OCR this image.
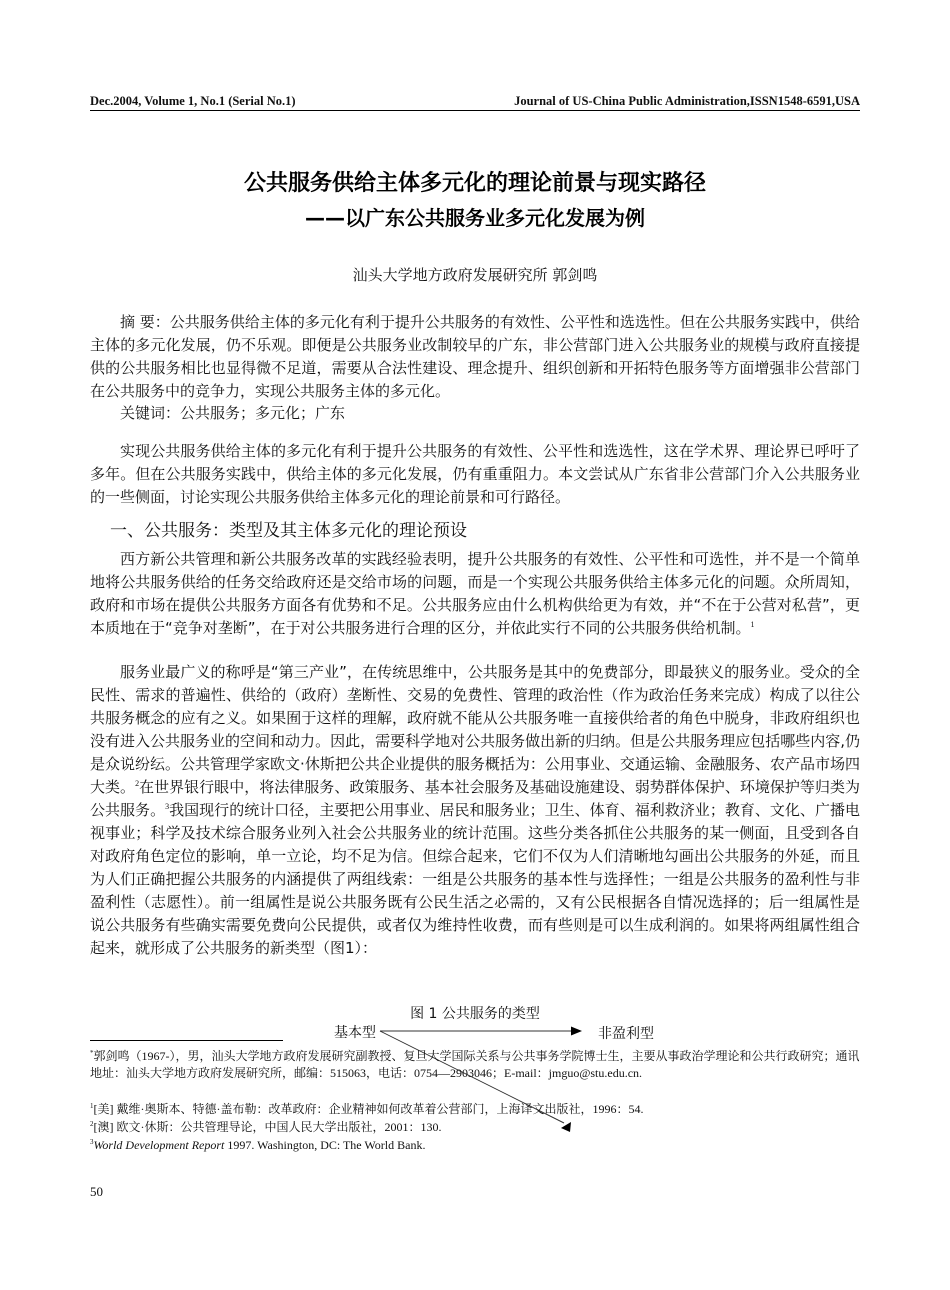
Dec.2004, Volume 1, No.1 (Serial No.1)	Journal of US-China Public Administration,ISSN1548-6591,USA
公共服务供给主体多元化的理论前景与现实路径
——以广东公共服务业多元化发展为例
汕头大学地方政府发展研究所 郭剑鸣

摘 要：公共服务供给主体的多元化有利于提升公共服务的有效性、公平性和选选性。但在公共服务实践中，供给主体的多元化发展，仍不乐观。即便是公共服务业改制较早的广东，非公营部门进入公共服务业的规模与政府直接提供的公共服务相比也显得微不足道，需要从合法性建设、理念提升、组织创新和开拓特色服务等方面增强非公营部门在公共服务中的竞争力，实现公共服务主体的多元化。

关键词：公共服务；多元化；广东

实现公共服务供给主体的多元化有利于提升公共服务的有效性、公平性和选选性，这在学术界、理论界已呼吁了多年。但在公共服务实践中，供给主体的多元化发展，仍有重重阻力。本文尝试从广东省非公营部门介入公共服务业的一些侧面，讨论实现公共服务供给主体多元化的理论前景和可行路径。

一、公共服务：类型及其主体多元化的理论预设

西方新公共管理和新公共服务改革的实践经验表明，提升公共服务的有效性、公平性和可选性，并不是一个简单地将公共服务供给的任务交给政府还是交给市场的问题，而是一个实现公共服务供给主体多元化的问题。众所周知，政府和市场在提供公共服务方面各有优势和不足。公共服务应由什么机构供给更为有效，并“不在于公营对私营”，更本质地在于“竞争对垄断”，在于对公共服务进行合理的区分，并依此实行不同的公共服务供给机制。$^1$

服务业最广义的称呼是“第三产业”，在传统思维中，公共服务是其中的免费部分，即最狭义的服务业。受众的全民性、需求的普遍性、供给的（政府）垄断性、交易的免费性、管理的政治性（作为政治任务来完成）构成了以往公共服务概念的应有之义。如果囿于这样的理解，政府就不能从公共服务唯一直接供给者的角色中脱身，非政府组织也没有进入公共服务业的空间和动力。因此，需要科学地对公共服务做出新的归纳。但是公共服务理应包括哪些内容,仍是众说纷纭。公共管理学家欧文·休斯把公共企业提供的服务概括为：公用事业、交通运输、金融服务、农产品市场四大类。$^2$在世界银行眼中，将法律服务、政策服务、基本社会服务及基础设施建设、弱势群体保护、环境保护等归类为公共服务。$^3$我国现行的统计口径，主要把公用事业、居民和服务业；卫生、体育、福利救济业；教育、文化、广播电视事业；科学及技术综合服务业列入社会公共服务业的统计范围。这些分类各抓住公共服务的某一侧面，且受到各自对政府角色定位的影响，单一立论，均不足为信。但综合起来，它们不仅为人们清晰地勾画出公共服务的外延，而且为人们正确把握公共服务的内涵提供了两组线索：一组是公共服务的基本性与选择性；一组是公共服务的盈利性与非盈利性（志愿性）。前一组属性是说公共服务既有公民生活之必需的，又有公民根据各自情况选择的；后一组属性是说公共服务有些确实需要免费向公民提供，或者仅为维持性收费，而有些则是可以生成利润的。如果将两组属性组合起来，就形成了公共服务的新类型（图1）：

图 1 公共服务的类型
基本型	非盈利型
*郭剑鸣（1967-），男，汕头大学地方政府发展研究副教授、复旦大学国际关系与公共事务学院博士生，主要从事政治学理论和公共行政研究；通讯地址：汕头大学地方政府发展研究所，邮编：515063，电话：0754—2903046；E-mail：jmguo@stu.edu.cn.
$^1$[美] 戴维·奥斯本、特德·盖布勒：改革政府：企业精神如何改革着公营部门，上海译文出版社，1996：54.
$^2$[澳] 欧文·休斯：公共管理导论，中国人民大学出版社，2001：130.
$^3$World Development Report 1997. Washington, DC: The World Bank.
50
